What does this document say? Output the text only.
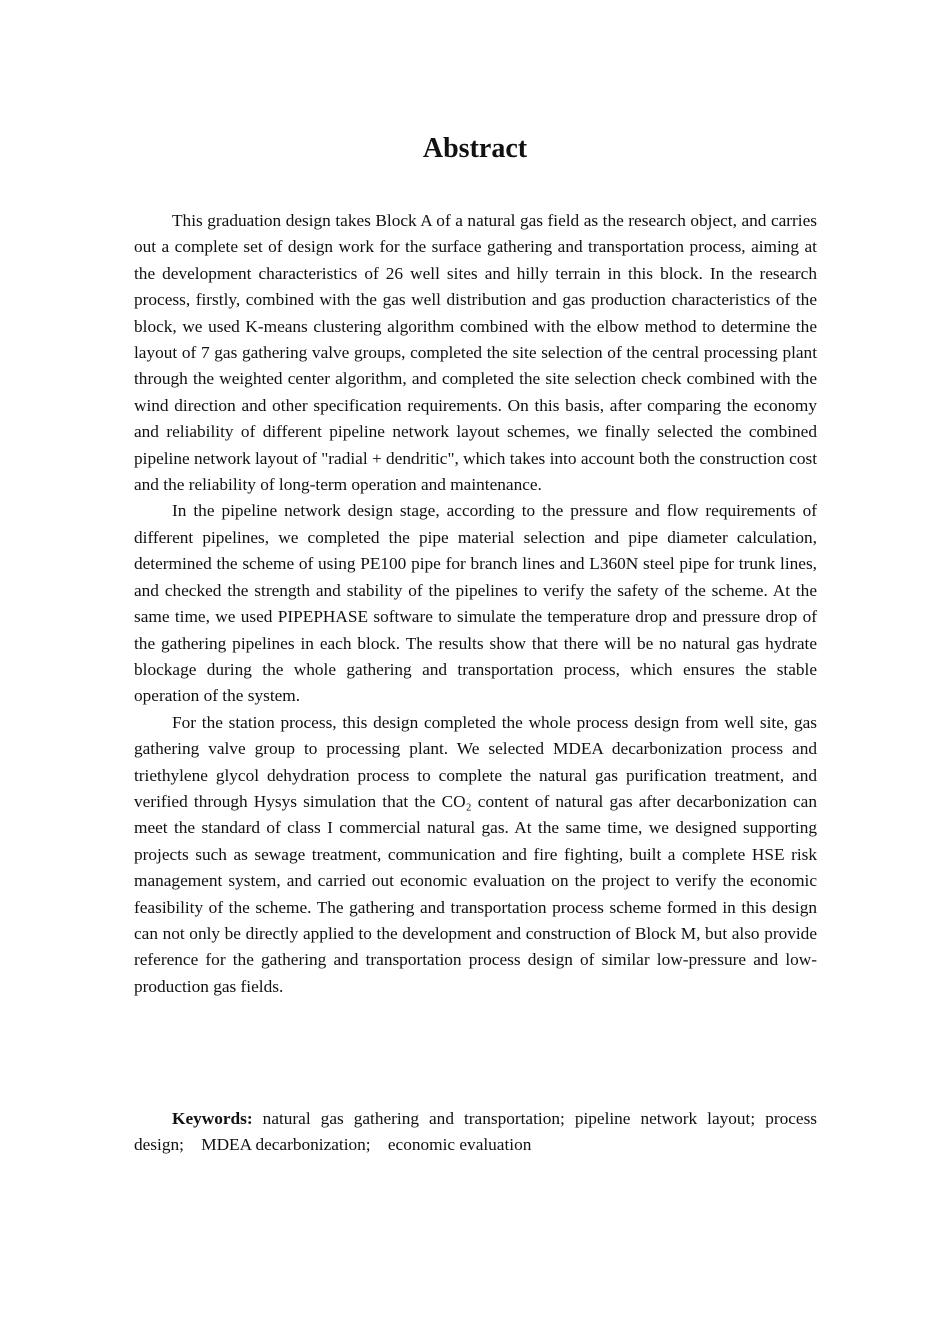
Abstract

This graduation design takes Block A of a natural gas field as the research object, and carries out a complete set of design work for the surface gathering and transportation process, aiming at the development characteristics of 26 well sites and hilly terrain in this block. In the research process, firstly, combined with the gas well distribution and gas production characteristics of the block, we used K-means clustering algorithm combined with the elbow method to determine the layout of 7 gas gathering valve groups, completed the site selection of the central processing plant through the weighted center algorithm, and completed the site selection check combined with the wind direction and other specification requirements. On this basis, after comparing the economy and reliability of different pipeline network layout schemes, we finally selected the combined pipeline network layout of "radial + dendritic", which takes into account both the construction cost and the reliability of long-term operation and maintenance.

In the pipeline network design stage, according to the pressure and flow requirements of different pipelines, we completed the pipe material selection and pipe diameter calculation, determined the scheme of using PE100 pipe for branch lines and L360N steel pipe for trunk lines, and checked the strength and stability of the pipelines to verify the safety of the scheme. At the same time, we used PIPEPHASE software to simulate the temperature drop and pressure drop of the gathering pipelines in each block. The results show that there will be no natural gas hydrate blockage during the whole gathering and transportation process, which ensures the stable operation of the system.

For the station process, this design completed the whole process design from well site, gas gathering valve group to processing plant. We selected MDEA decarbonization process and triethylene glycol dehydration process to complete the natural gas purification treatment, and verified through Hysys simulation that the CO₂ content of natural gas after decarbonization can meet the standard of class I commercial natural gas. At the same time, we designed supporting projects such as sewage treatment, communication and fire fighting, built a complete HSE risk management system, and carried out economic evaluation on the project to verify the economic feasibility of the scheme. The gathering and transportation process scheme formed in this design can not only be directly applied to the development and construction of Block M, but also provide reference for the gathering and transportation process design of similar low-pressure and low-production gas fields.

Keywords: natural gas gathering and transportation; pipeline network layout; process design; MDEA decarbonization; economic evaluation
